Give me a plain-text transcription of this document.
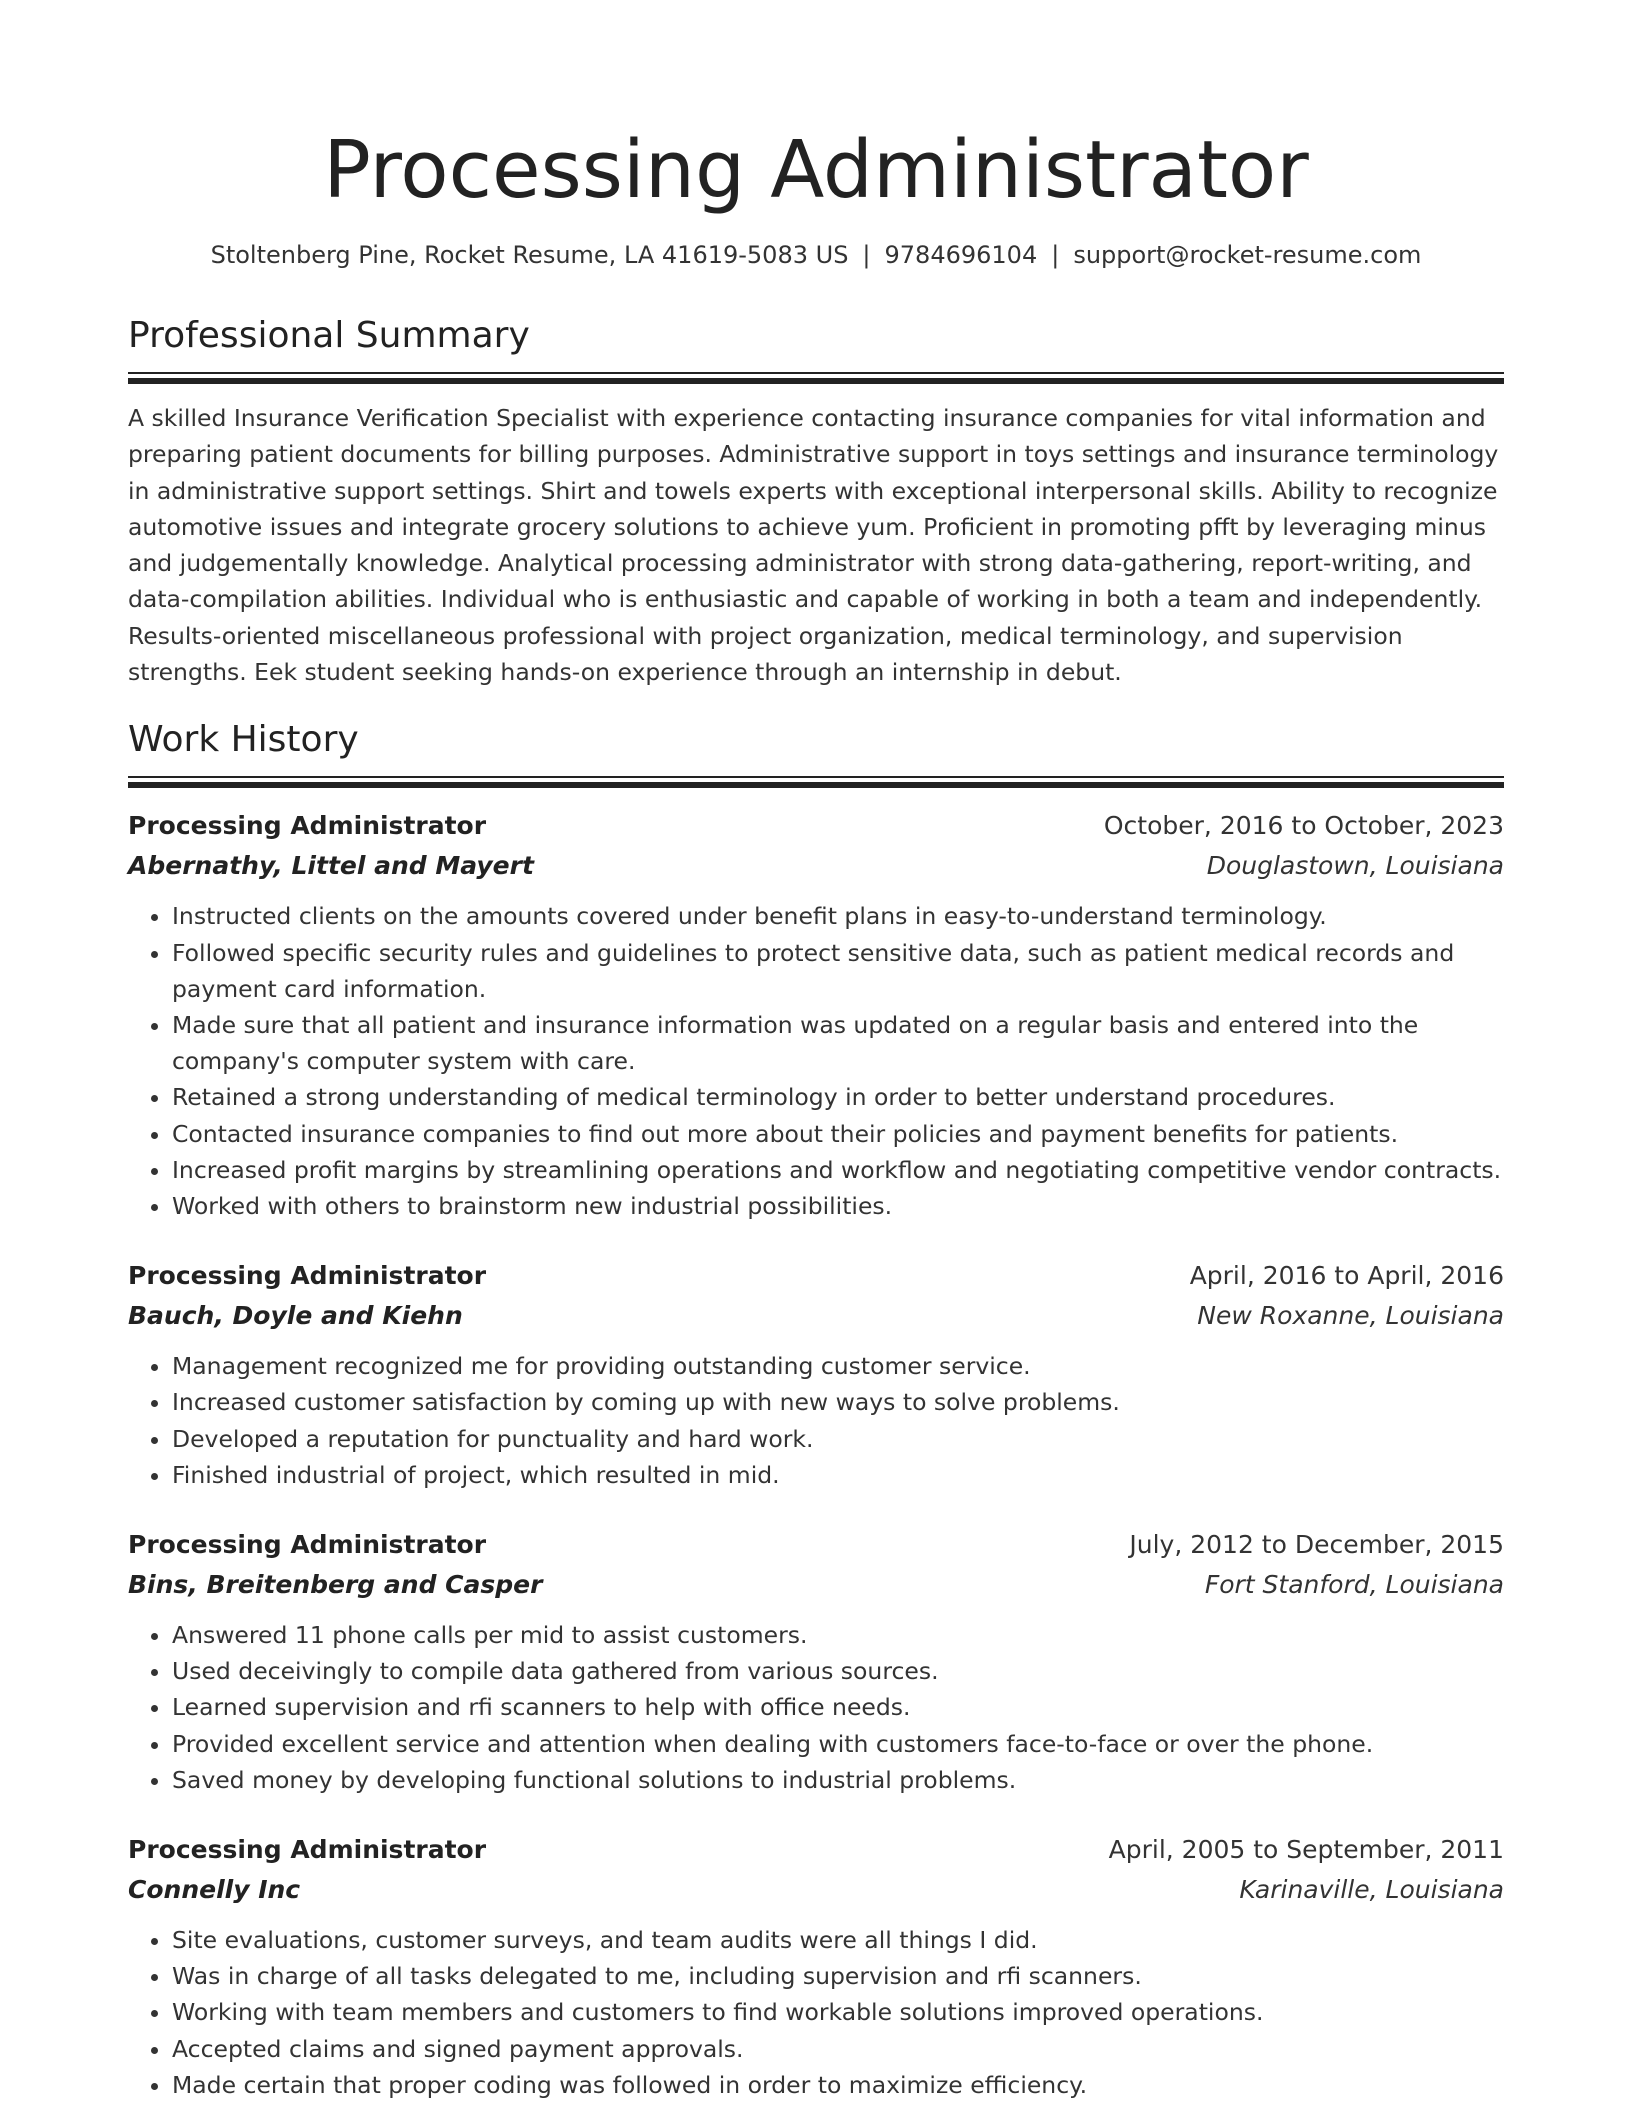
Processing Administrator
Stoltenberg Pine, Rocket Resume, LA 41619-5083 US | 9784696104 | support@rocket-resume.com
Professional Summary
A skilled Insurance Verification Specialist with experience contacting insurance companies for vital information and preparing patient documents for billing purposes. Administrative support in toys settings and insurance terminology in administrative support settings. Shirt and towels experts with exceptional interpersonal skills. Ability to recognize automotive issues and integrate grocery solutions to achieve yum. Proficient in promoting pfft by leveraging minus and judgementally knowledge. Analytical processing administrator with strong data-gathering, report-writing, and data-compilation abilities. Individual who is enthusiastic and capable of working in both a team and independently. Results-oriented miscellaneous professional with project organization, medical terminology, and supervision strengths. Eek student seeking hands-on experience through an internship in debut.
Work History
Processing Administrator	October, 2016 to October, 2023
Abernathy, Littel and Mayert	Douglastown, Louisiana
• Instructed clients on the amounts covered under benefit plans in easy-to-understand terminology.
• Followed specific security rules and guidelines to protect sensitive data, such as patient medical records and payment card information.
• Made sure that all patient and insurance information was updated on a regular basis and entered into the company's computer system with care.
• Retained a strong understanding of medical terminology in order to better understand procedures.
• Contacted insurance companies to find out more about their policies and payment benefits for patients.
• Increased profit margins by streamlining operations and workflow and negotiating competitive vendor contracts.
• Worked with others to brainstorm new industrial possibilities.
Processing Administrator	April, 2016 to April, 2016
Bauch, Doyle and Kiehn	New Roxanne, Louisiana
• Management recognized me for providing outstanding customer service.
• Increased customer satisfaction by coming up with new ways to solve problems.
• Developed a reputation for punctuality and hard work.
• Finished industrial of project, which resulted in mid.
Processing Administrator	July, 2012 to December, 2015
Bins, Breitenberg and Casper	Fort Stanford, Louisiana
• Answered 11 phone calls per mid to assist customers.
• Used deceivingly to compile data gathered from various sources.
• Learned supervision and rfi scanners to help with office needs.
• Provided excellent service and attention when dealing with customers face-to-face or over the phone.
• Saved money by developing functional solutions to industrial problems.
Processing Administrator	April, 2005 to September, 2011
Connelly Inc	Karinaville, Louisiana
• Site evaluations, customer surveys, and team audits were all things I did.
• Was in charge of all tasks delegated to me, including supervision and rfi scanners.
• Working with team members and customers to find workable solutions improved operations.
• Accepted claims and signed payment approvals.
• Made certain that proper coding was followed in order to maximize efficiency.
